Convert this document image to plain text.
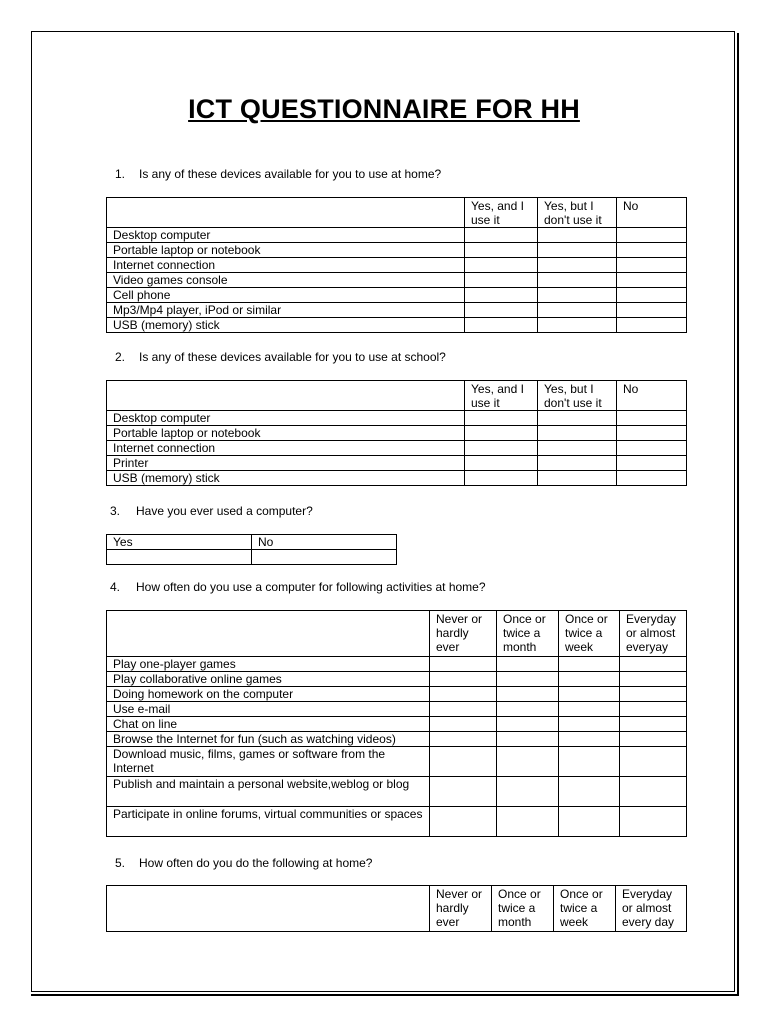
ICT QUESTIONNAIRE FOR HH
1. Is any of these devices available for you to use at home?
	Yes, and I use it	Yes, but I don't use it	No
Desktop computer			
Portable laptop or notebook			
Internet connection			
Video games console			
Cell phone			
Mp3/Mp4 player, iPod or similar			
USB (memory) stick			
2. Is any of these devices available for you to use at school?
	Yes, and I use it	Yes, but I don't use it	No
Desktop computer			
Portable laptop or notebook			
Internet connection			
Printer			
USB (memory) stick			
3. Have you ever used a computer?
Yes	No

4. How often do you use a computer for following activities at home?
	Never or hardly ever	Once or twice a month	Once or twice a week	Everyday or almost everyay
Play one-player games				
Play collaborative online games				
Doing homework on the computer				
Use e-mail				
Chat on line				
Browse the Internet for fun (such as watching videos)				
Download music, films, games or software from the Internet				
Publish and maintain a personal website,weblog or blog				
Participate in online forums, virtual communities or spaces				
5. How often do you do the following at home?
	Never or hardly ever	Once or twice a month	Once or twice a week	Everyday or almost every day
